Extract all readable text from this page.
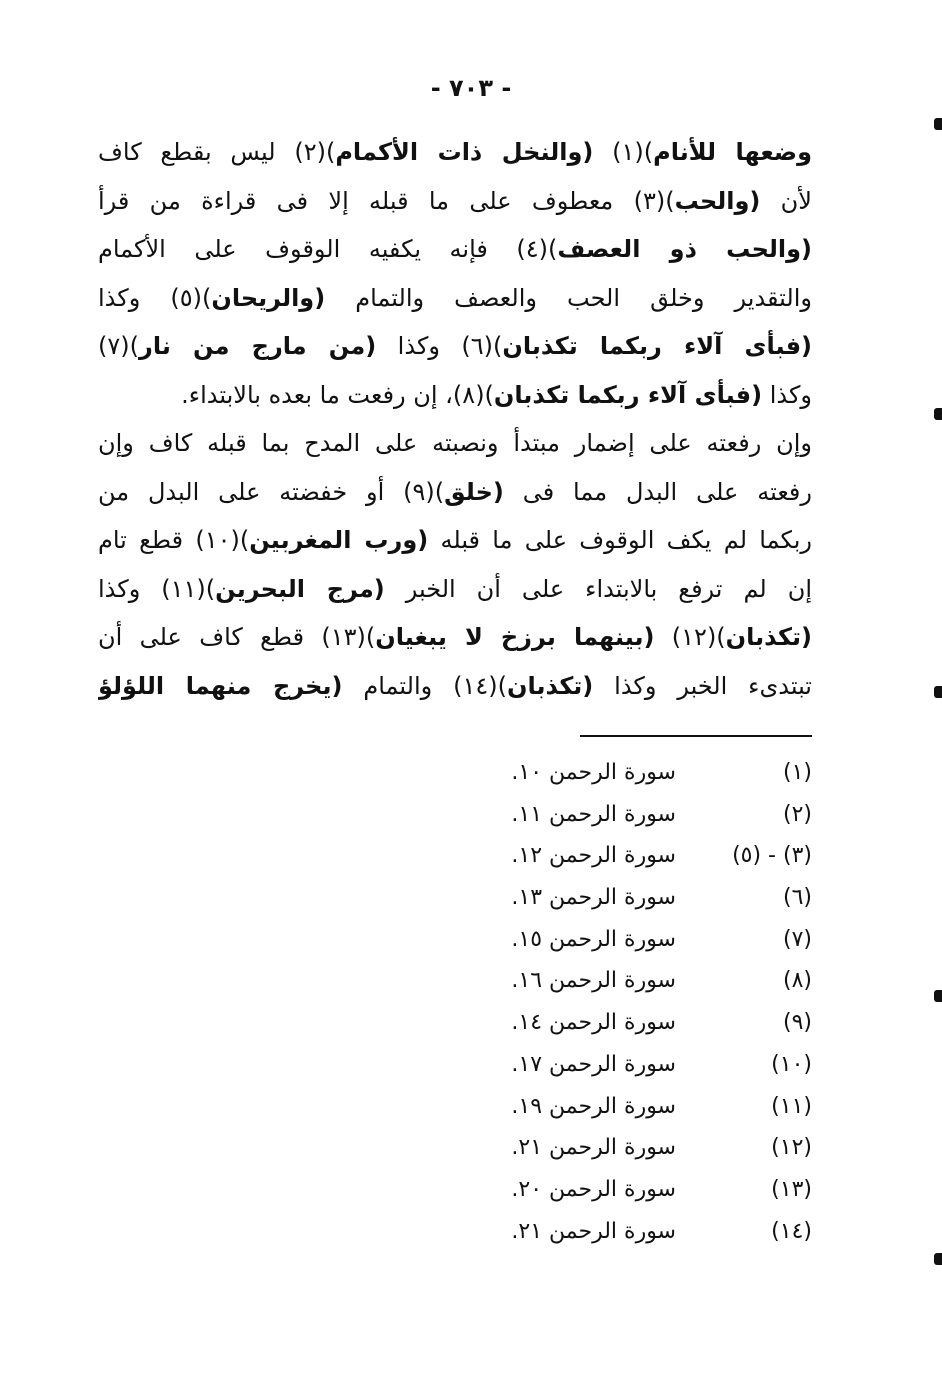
- ٧٠٣ -
وضعها للأنام)(١) (والنخل ذات الأكمام)(٢) ليس بقطع كاف
لأن (والحب)(٣) معطوف على ما قبله إلا فى قراءة من قرأ
(والحب ذو العصف)(٤) فإنه يكفيه الوقوف على الأكمام
والتقدير وخلق الحب والعصف والتمام (والريحان)(٥) وكذا
(فبأى آلاء ربكما تكذبان)(٦) وكذا (من مارج من نار)(٧)
وكذا (فبأى آلاء ربكما تكذبان)(٨)، إن رفعت ما بعده بالابتداء.
وإن رفعته على إضمار مبتدأ ونصبته على المدح بما قبله كاف وإن
رفعته على البدل مما فى (خلق)(٩) أو خفضته على البدل من
ربكما لم يكف الوقوف على ما قبله (ورب المغربين)(١٠) قطع تام
إن لم ترفع بالابتداء على أن الخبر (مرج البحرين)(١١) وكذا
(تكذبان)(١٢) (بينهما برزخ لا يبغيان)(١٣) قطع كاف على أن
تبتدىء الخبر وكذا (تكذبان)(١٤) والتمام (يخرج منهما اللؤلؤ
(١)
سورة الرحمن ١٠.
(٢)
سورة الرحمن ١١.
(٣) - (٥)
سورة الرحمن ١٢.
(٦)
سورة الرحمن ١٣.
(٧)
سورة الرحمن ١٥.
(٨)
سورة الرحمن ١٦.
(٩)
سورة الرحمن ١٤.
(١٠)
سورة الرحمن ١٧.
(١١)
سورة الرحمن ١٩.
(١٢)
سورة الرحمن ٢١.
(١٣)
سورة الرحمن ٢٠.
(١٤)
سورة الرحمن ٢١.
